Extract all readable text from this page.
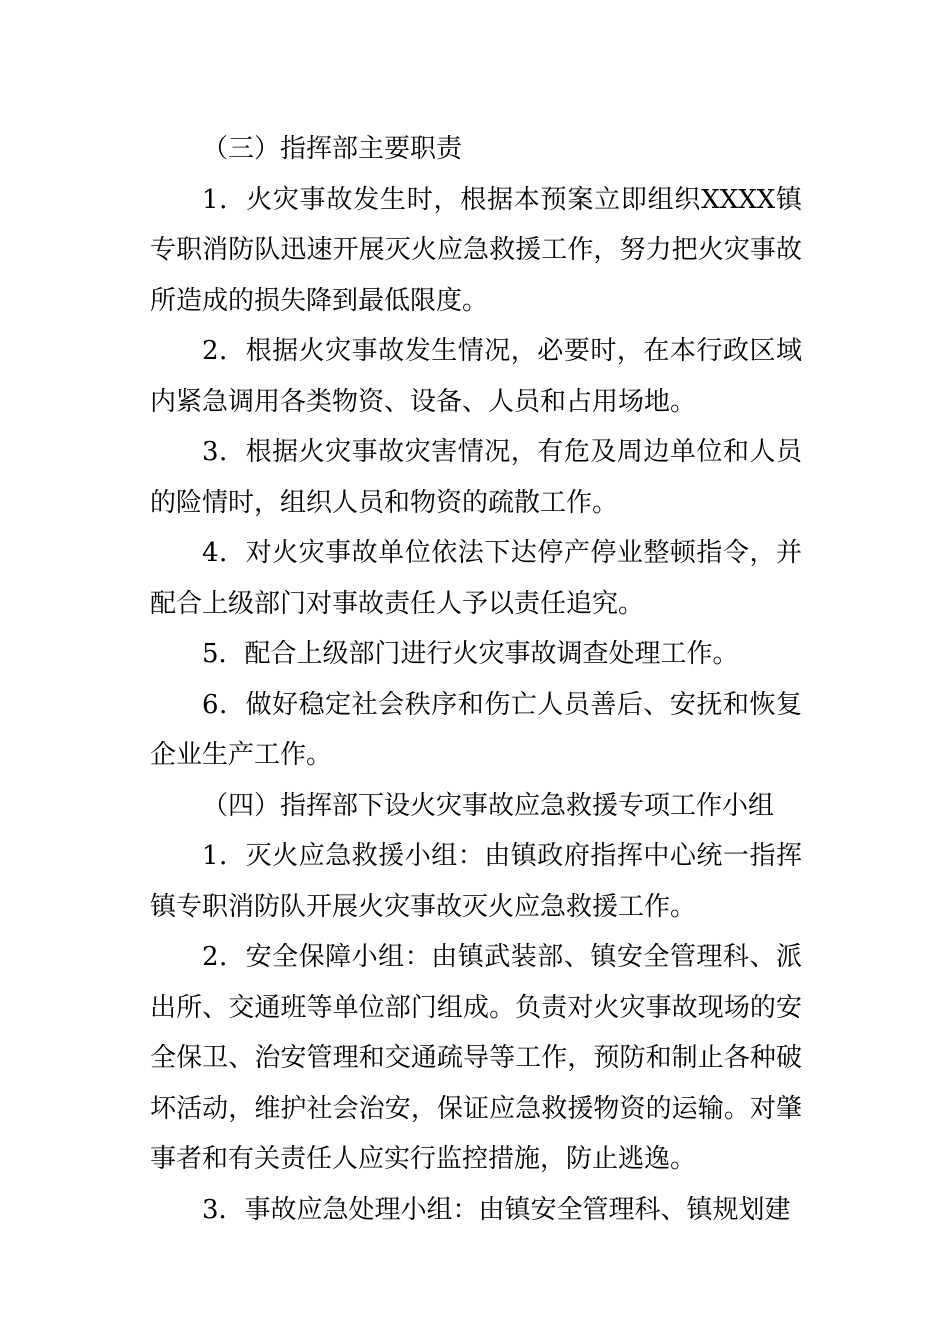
（三）指挥部主要职责

1．火灾事故发生时，根据本预案立即组织XXXX镇专职消防队迅速开展灭火应急救援工作，努力把火灾事故所造成的损失降到最低限度。

2．根据火灾事故发生情况，必要时，在本行政区域内紧急调用各类物资、设备、人员和占用场地。

3．根据火灾事故灾害情况，有危及周边单位和人员的险情时，组织人员和物资的疏散工作。

4．对火灾事故单位依法下达停产停业整顿指令，并配合上级部门对事故责任人予以责任追究。

5．配合上级部门进行火灾事故调查处理工作。

6．做好稳定社会秩序和伤亡人员善后、安抚和恢复企业生产工作。

（四）指挥部下设火灾事故应急救援专项工作小组

1．灭火应急救援小组：由镇政府指挥中心统一指挥镇专职消防队开展火灾事故灭火应急救援工作。

2．安全保障小组：由镇武装部、镇安全管理科、派出所、交通班等单位部门组成。负责对火灾事故现场的安全保卫、治安管理和交通疏导等工作，预防和制止各种破坏活动，维护社会治安，保证应急救援物资的运输。对肇事者和有关责任人应实行监控措施，防止逃逸。

3．事故应急处理小组：由镇安全管理科、镇规划建
